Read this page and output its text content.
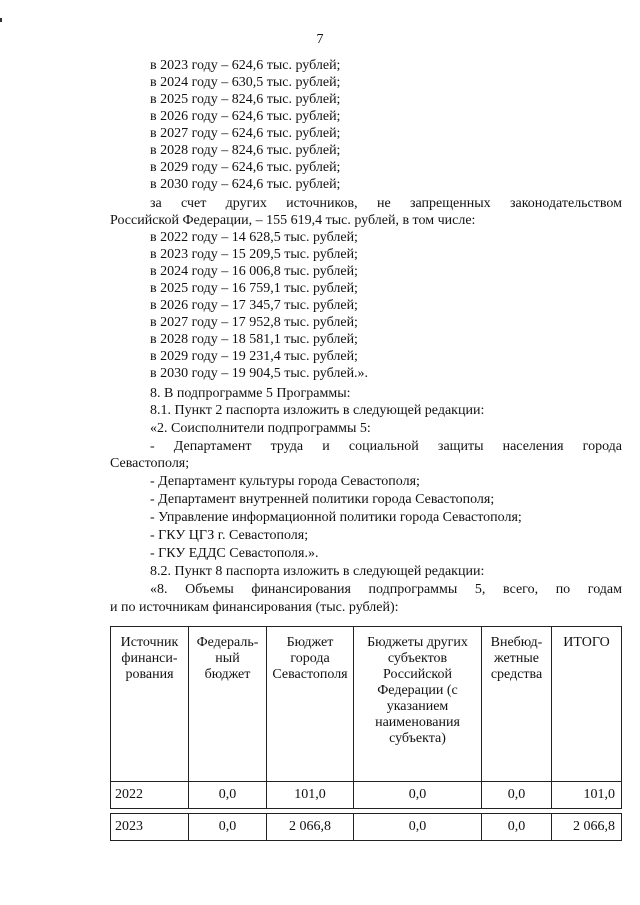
7
в 2023 году – 624,6 тыс. рублей;
в 2024 году – 630,5 тыс. рублей;
в 2025 году – 824,6 тыс. рублей;
в 2026 году – 624,6 тыс. рублей;
в 2027 году – 624,6 тыс. рублей;
в 2028 году – 824,6 тыс. рублей;
в 2029 году – 624,6 тыс. рублей;
в 2030 году – 624,6 тыс. рублей;
за счет других источников, не запрещенных законодательством
Российской Федерации, – 155 619,4 тыс. рублей, в том числе:
в 2022 году – 14 628,5 тыс. рублей;
в 2023 году – 15 209,5 тыс. рублей;
в 2024 году – 16 006,8 тыс. рублей;
в 2025 году – 16 759,1 тыс. рублей;
в 2026 году – 17 345,7 тыс. рублей;
в 2027 году – 17 952,8 тыс. рублей;
в 2028 году – 18 581,1 тыс. рублей;
в 2029 году – 19 231,4 тыс. рублей;
в 2030 году – 19 904,5 тыс. рублей.».
8. В подпрограмме 5 Программы:
8.1. Пункт 2 паспорта изложить в следующей редакции:
«2. Соисполнители подпрограммы 5:
- Департамент труда и социальной защиты населения города
Севастополя;
- Департамент культуры города Севастополя;
- Департамент внутренней политики города Севастополя;
- Управление информационной политики города Севастополя;
- ГКУ ЦГЗ г. Севастополя;
- ГКУ ЕДДС Севастополя.».
8.2. Пункт 8 паспорта изложить в следующей редакции:
«8. Объемы финансирования подпрограммы 5, всего, по годам
и по источникам финансирования (тыс. рублей):
Источник финанси-рования	Федераль-ный бюджет	Бюджет города Севастополя	Бюджеты других субъектов Российской Федерации (с указанием наименования субъекта)	Внебюд-жетные средства	ИТОГО
2022	0,0	101,0	0,0	0,0	101,0

2023	0,0	2 066,8	0,0	0,0	2 066,8
